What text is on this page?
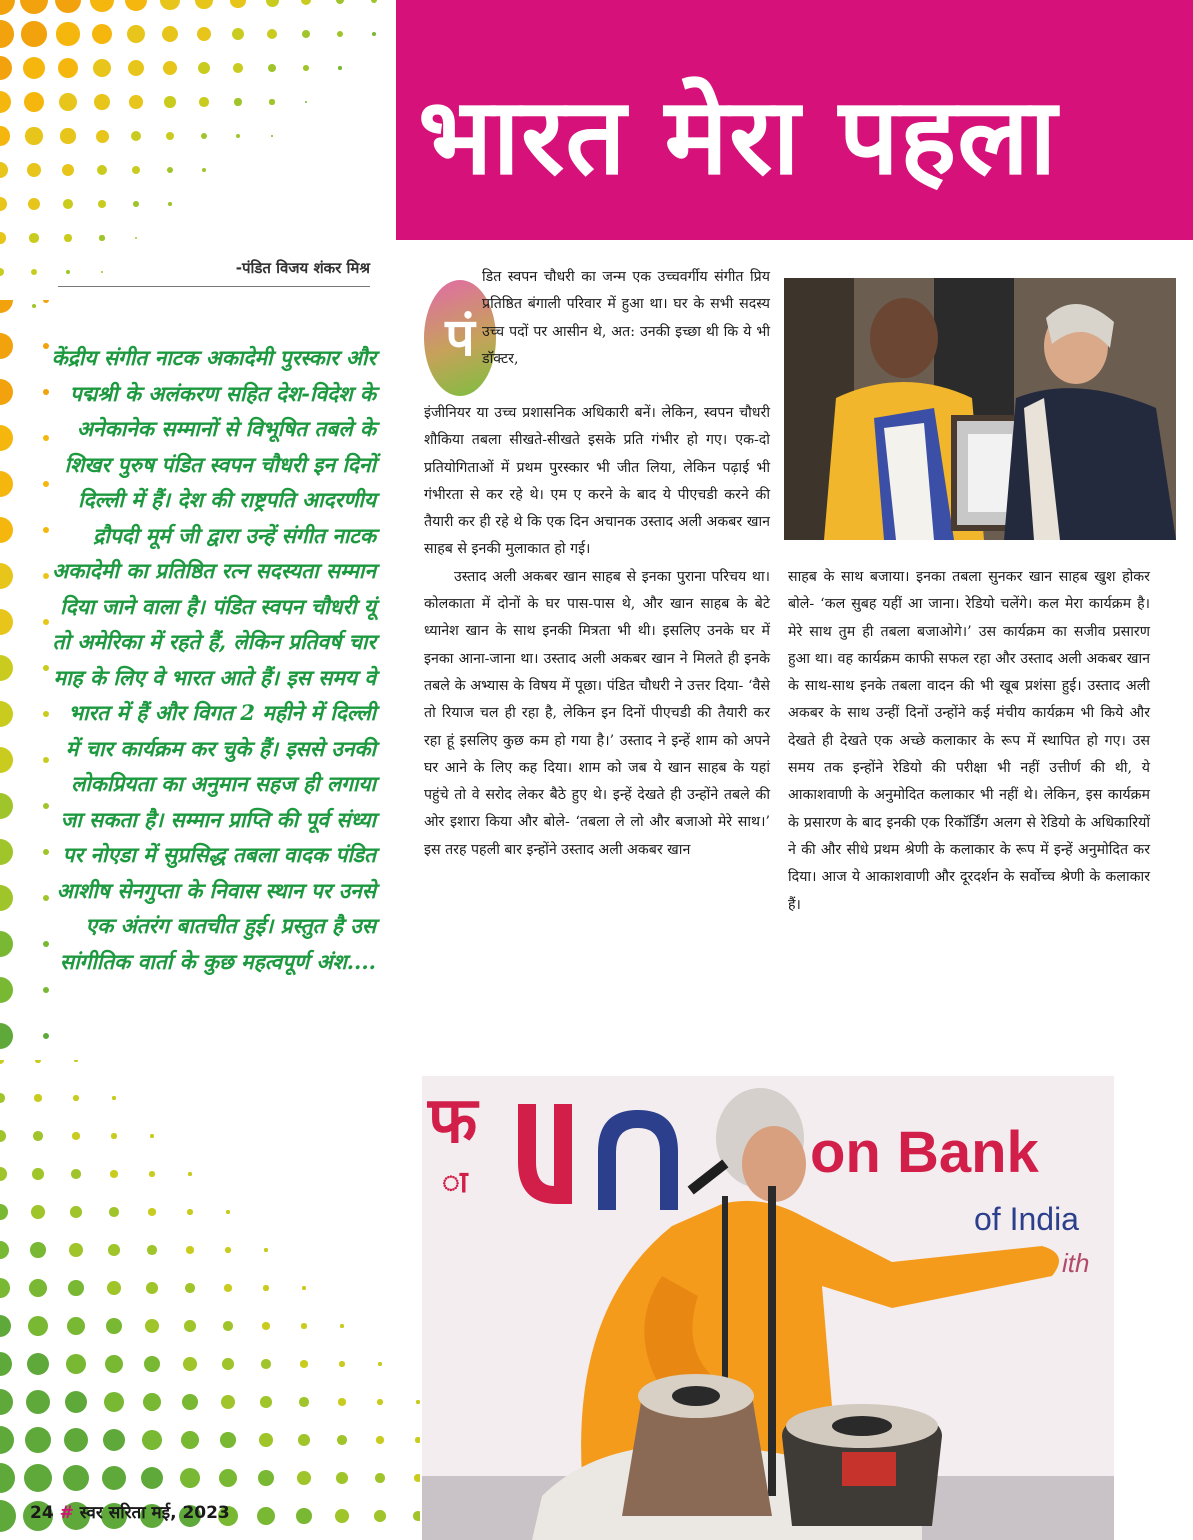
भारत मेरा पहला
-पंडित विजय शंकर मिश्र
केंद्रीय संगीत नाटक अकादेमी पुरस्कार और पद्मश्री के अलंकरण सहित देश-विदेश के अनेकानेक सम्मानों से विभूषित तबले के शिखर पुरुष पंडित स्वपन चौधरी इन दिनों दिल्ली में हैं। देश की राष्ट्रपति आदरणीय द्रौपदी मूर्म जी द्वारा उन्हें संगीत नाटक अकादेमी का प्रतिष्ठित रत्न सदस्यता सम्मान दिया जाने वाला है। पंडित स्वपन चौधरी यूं तो अमेरिका में रहते हैं, लेकिन प्रतिवर्ष चार माह के लिए वे भारत आते हैं। इस समय वे भारत में हैं और विगत 2 महीने में दिल्ली में चार कार्यक्रम कर चुके हैं। इससे उनकी लोकप्रियता का अनुमान सहज ही लगाया जा सकता है। सम्मान प्राप्ति की पूर्व संध्या पर नोएडा में सुप्रसिद्ध तबला वादक पंडित आशीष सेनगुप्ता के निवास स्थान पर उनसे एक अंतरंग बातचीत हुई। प्रस्तुत है उस सांगीतिक वार्ता के कुछ महत्वपूर्ण अंश....
पं
डित स्वपन चौधरी का जन्म एक उच्चवर्गीय संगीत प्रिय प्रतिष्ठित बंगाली परिवार में हुआ था। घर के सभी सदस्य उच्च पदों पर आसीन थे, अत: उनकी इच्छा थी कि ये भी डॉक्टर,

इंजीनियर या उच्च प्रशासनिक अधिकारी बनें। लेकिन, स्वपन चौधरी शौकिया तबला सीखते-सीखते इसके प्रति गंभीर हो गए। एक-दो प्रतियोगिताओं में प्रथम पुरस्कार भी जीत लिया, लेकिन पढ़ाई भी गंभीरता से कर रहे थे। एम ए करने के बाद ये पीएचडी करने की तैयारी कर ही रहे थे कि एक दिन अचानक उस्ताद अली अकबर खान साहब से इनकी मुलाकात हो गई।

उस्ताद अली अकबर खान साहब से इनका पुराना परिचय था। कोलकाता में दोनों के घर पास-पास थे, और खान साहब के बेटे ध्यानेश खान के साथ इनकी मित्रता भी थी। इसलिए उनके घर में इनका आना-जाना था। उस्ताद अली अकबर खान ने मिलते ही इनके तबले के अभ्यास के विषय में पूछा। पंडित चौधरी ने उत्तर दिया- ‘वैसे तो रियाज चल ही रहा है, लेकिन इन दिनों पीएचडी की तैयारी कर रहा हूं इसलिए कुछ कम हो गया है।’ उस्ताद ने इन्हें शाम को अपने घर आने के लिए कह दिया। शाम को जब ये खान साहब के यहां पहुंचे तो वे सरोद लेकर बैठे हुए थे। इन्हें देखते ही उन्होंने तबले की ओर इशारा किया और बोले- ‘तबला ले लो और बजाओ मेरे साथ।’ इस तरह पहली बार इन्होंने उस्ताद अली अकबर खान

साहब के साथ बजाया। इनका तबला सुनकर खान साहब खुश होकर बोले- ‘कल सुबह यहीं आ जाना। रेडियो चलेंगे। कल मेरा कार्यक्रम है। मेरे साथ तुम ही तबला बजाओगे।’ उस कार्यक्रम का सजीव प्रसारण हुआ था। वह कार्यक्रम काफी सफल रहा और उस्ताद अली अकबर खान के साथ-साथ इनके तबला वादन की भी खूब प्रशंसा हुई। उस्ताद अली अकबर के साथ उन्हीं दिनों उन्होंने कई मंचीय कार्यक्रम भी किये और देखते ही देखते एक अच्छे कलाकार के रूप में स्थापित हो गए। उस समय तक इन्होंने रेडियो की परीक्षा भी नहीं उत्तीर्ण की थी, ये आकाशवाणी के अनुमोदित कलाकार भी नहीं थे। लेकिन, इस कार्यक्रम के प्रसारण के बाद इनकी एक रिकॉर्डिंग अलग से रेडियो के अधिकारियों ने की और सीधे प्रथम श्रेणी के कलाकार के रूप में इन्हें अनुमोदित कर दिया। आज ये आकाशवाणी और दूरदर्शन के सर्वोच्च श्रेणी के कलाकार हैं।

फ
ा	on Bank
of India
ith
24 # स्वर सरिता मई, 2023
